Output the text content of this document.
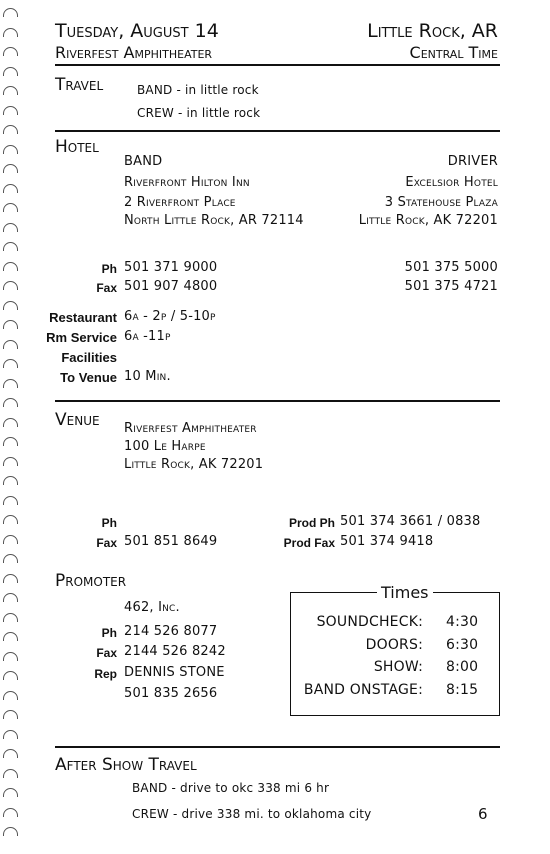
Tuesday, August 14
Riverfest Amphitheater
Little Rock, AR
Central Time
Travel	BAND - in little rock
CREW - in little rock
Hotel
BAND
Riverfront Hilton Inn
2 Riverfront Place
North Little Rock, AR 72114
DRIVER
Excelsior Hotel
3 Statehouse Plaza
Little Rock, AK 72201
Ph 501 371 9000	501 375 5000
Fax 501 907 4800	501 375 4721
Restaurant 6a - 2p / 5-10p
Rm Service 6a -11p
Facilities
To Venue 10 Min.
Venue Riverfest Amphitheater
100 Le Harpe
Little Rock, AK 72201
Ph
Fax 501 851 8649
Prod Ph 501 374 3661 / 0838
Prod Fax 501 374 9418
Promoter
462, Inc.
Ph 214 526 8077
Fax 2144 526 8242
Rep DENNIS STONE
501 835 2656
Times
SOUNDCHECK: 4:30
DOORS: 6:30
SHOW: 8:00
BAND ONSTAGE: 8:15
After Show Travel
BAND - drive to okc 338 mi 6 hr
CREW - drive 338 mi. to oklahoma city	6
